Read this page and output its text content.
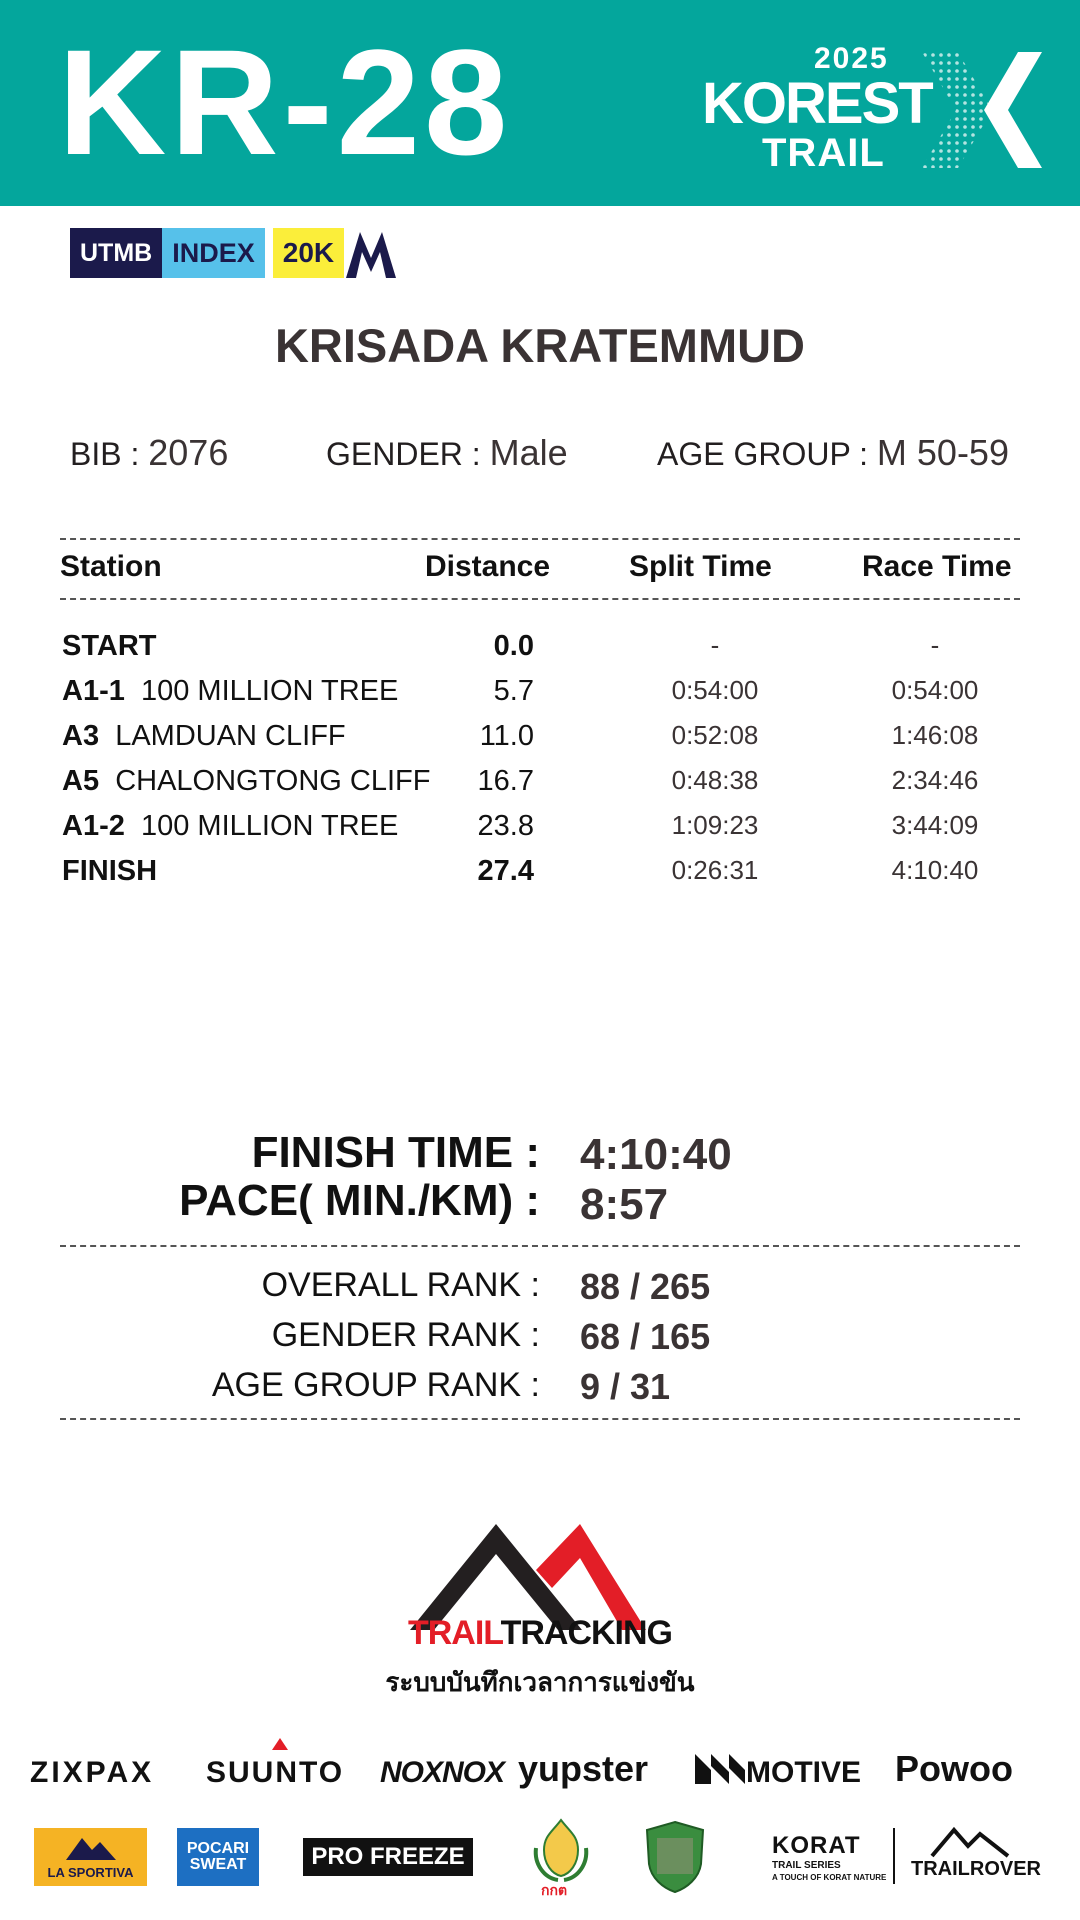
KR-28	2025
KOREST
TRAIL
UTMB INDEX	20K
KRISADA KRATEMMUD
BIB : 2076	GENDER : Male	AGE GROUP : M 50-59
Station	Distance	Split Time	Race Time
START	0.0	-	-
A1-1 100 MILLION TREE	5.7	0:54:00	0:54:00
A3 LAMDUAN CLIFF	11.0	0:52:08	1:46:08
A5 CHALONGTONG CLIFF 16.7	0:48:38	2:34:46
A1-2 100 MILLION TREE	23.8	1:09:23	3:44:09
FINISH	27.4	0:26:31	4:10:40
FINISH TIME : 4:10:40
PACE( MIN./KM) : 8:57
OVERALL RANK : 88 / 265
GENDER RANK : 68 / 165
AGE GROUP RANK : 9 / 31
TRAILTRACKING
ระบบบันทึกเวลาการแข่งขัน
ZIXPAX SUUNTO NOXNOX yupster	MOTIVE Powoo
LA SPORTIVA
POCARI SWEAT	PRO FREEZE
กกต
KORAT
TRAIL SERIES
A TOUCH OF KORAT NATURE TRAILROVER
